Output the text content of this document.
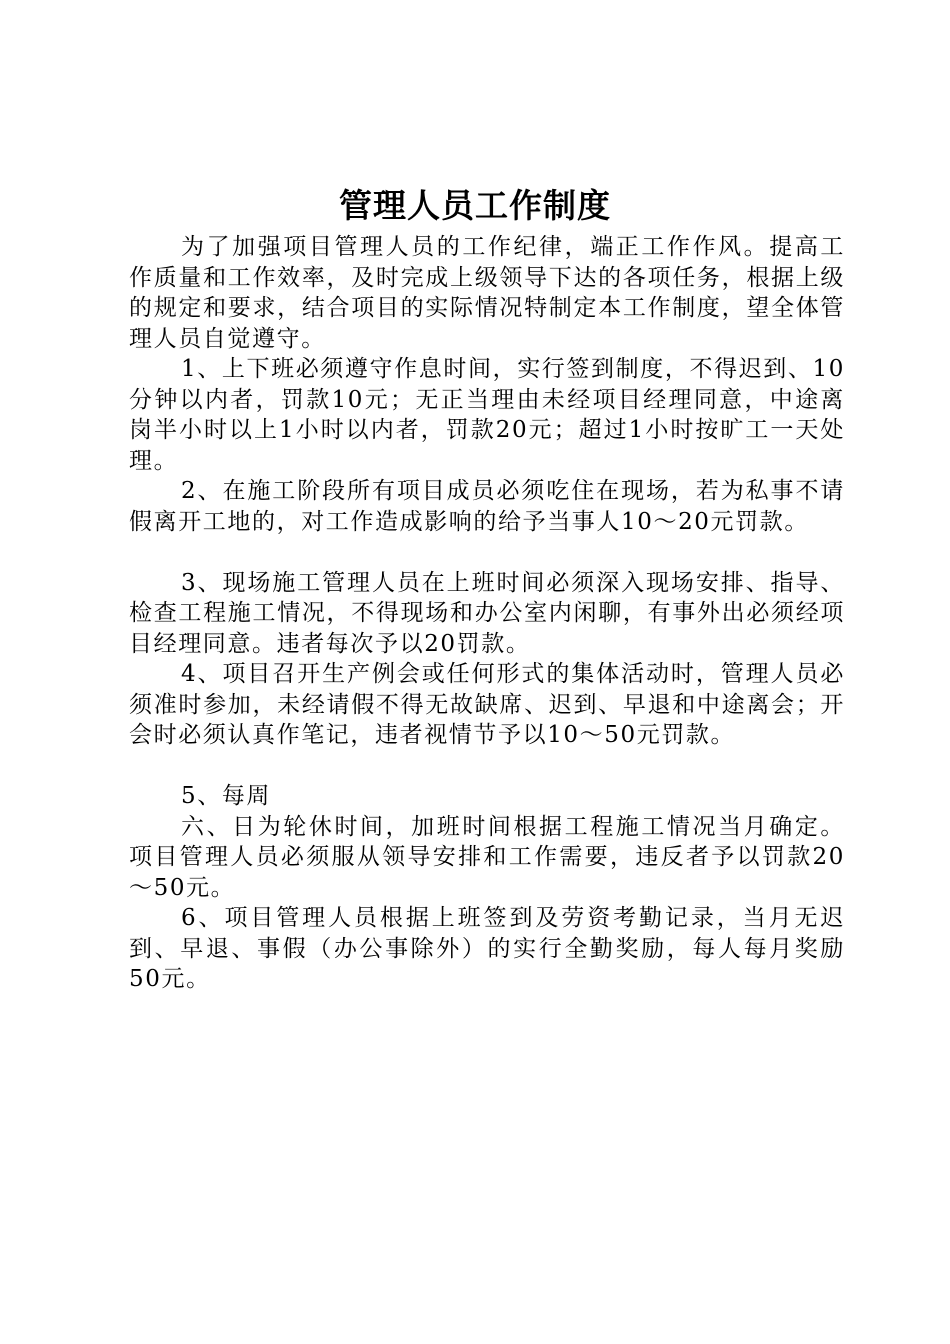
管理人员工作制度

为了加强项目管理人员的工作纪律，端正工作作风。提高工作质量和工作效率，及时完成上级领导下达的各项任务，根据上级的规定和要求，结合项目的实际情况特制定本工作制度，望全体管理人员自觉遵守。

1、上下班必须遵守作息时间，实行签到制度，不得迟到、10分钟以内者，罚款10元；无正当理由未经项目经理同意，中途离岗半小时以上1小时以内者，罚款20元；超过1小时按旷工一天处理。

2、在施工阶段所有项目成员必须吃住在现场，若为私事不请假离开工地的，对工作造成影响的给予当事人10～20元罚款。

3、现场施工管理人员在上班时间必须深入现场安排、指导、检查工程施工情况，不得现场和办公室内闲聊，有事外出必须经项目经理同意。违者每次予以20罚款。

4、项目召开生产例会或任何形式的集体活动时，管理人员必须准时参加，未经请假不得无故缺席、迟到、早退和中途离会；开会时必须认真作笔记，违者视情节予以10～50元罚款。

5、每周

六、日为轮休时间，加班时间根据工程施工情况当月确定。项目管理人员必须服从领导安排和工作需要，违反者予以罚款20～50元。

6、项目管理人员根据上班签到及劳资考勤记录，当月无迟到、早退、事假（办公事除外）的实行全勤奖励，每人每月奖励50元。
